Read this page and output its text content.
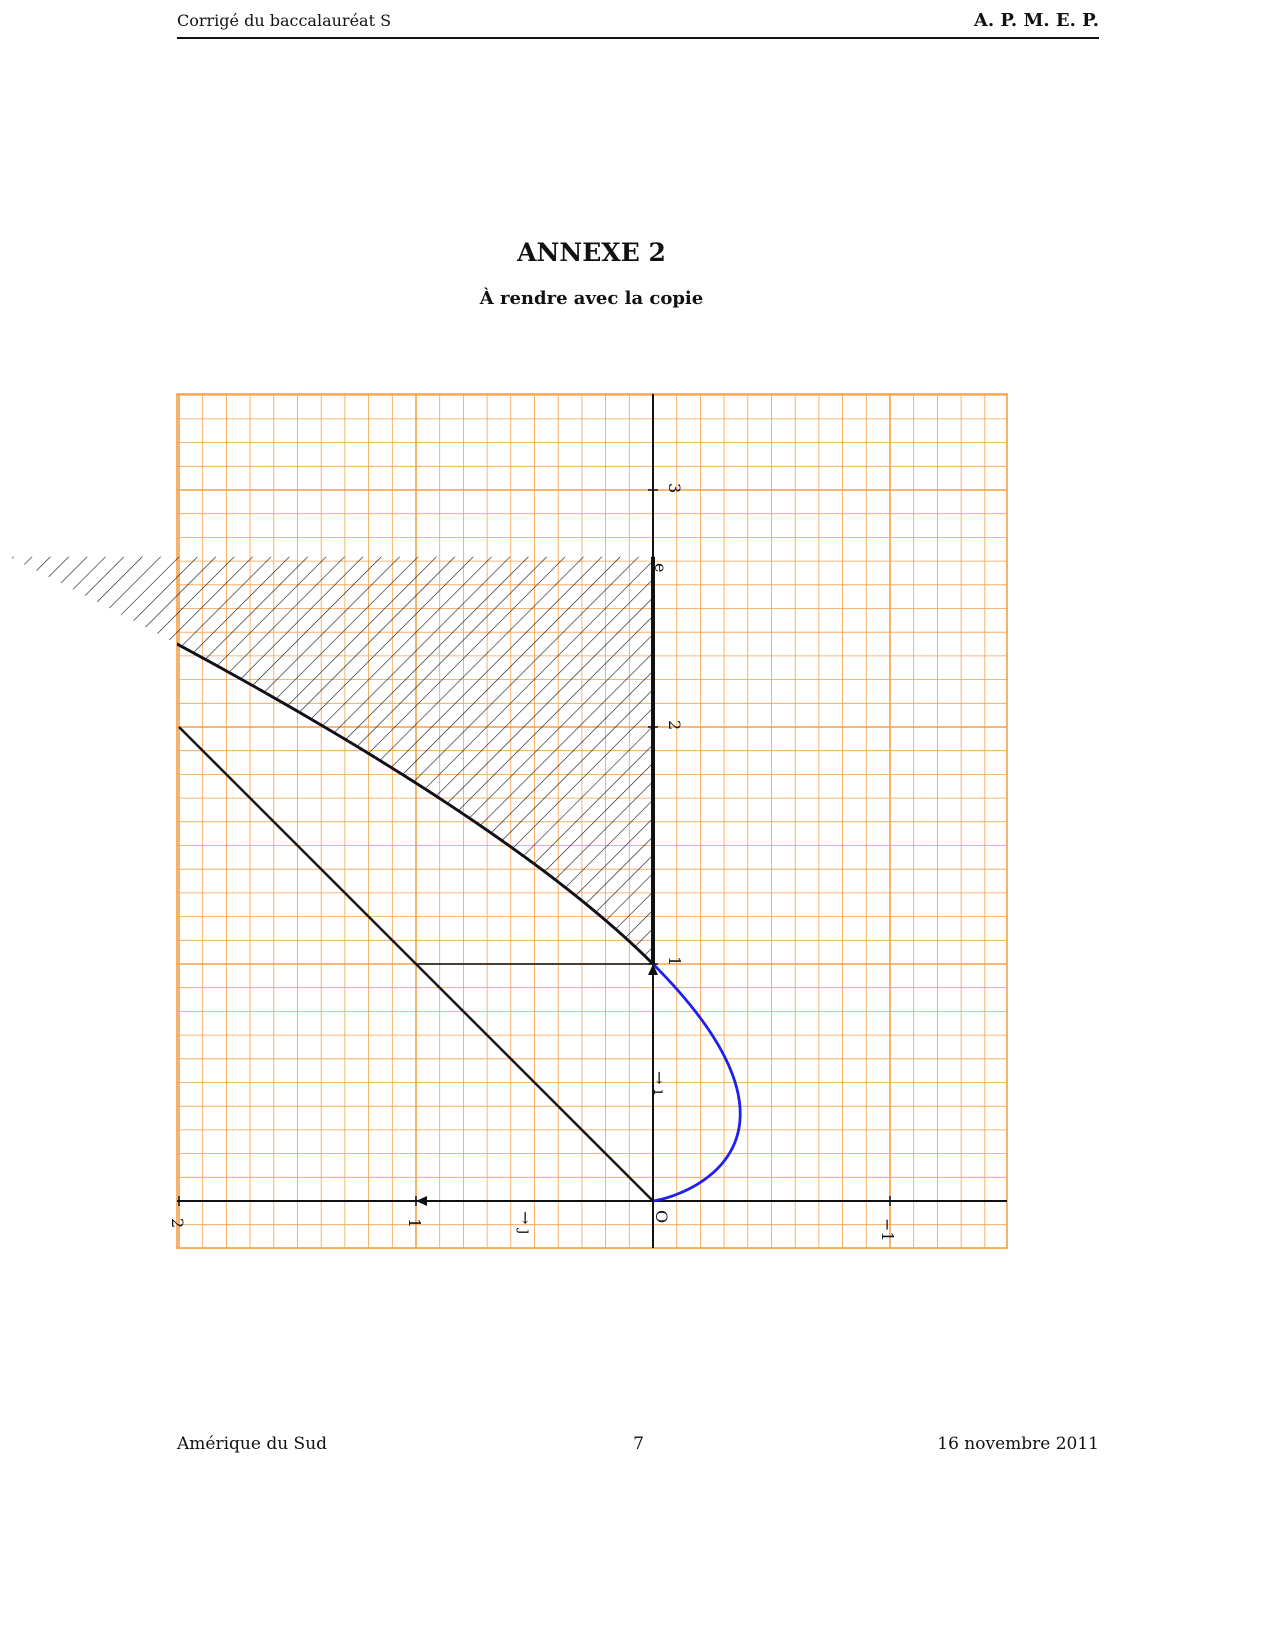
Corrigé du baccalauréat S	A. P. M. E. P.
ANNEXE 2
À rendre avec la copie
2	1	O
−1
1
2
3
e
→ ı
→ ȷ
Amérique du Sud	7	16 novembre 2011
